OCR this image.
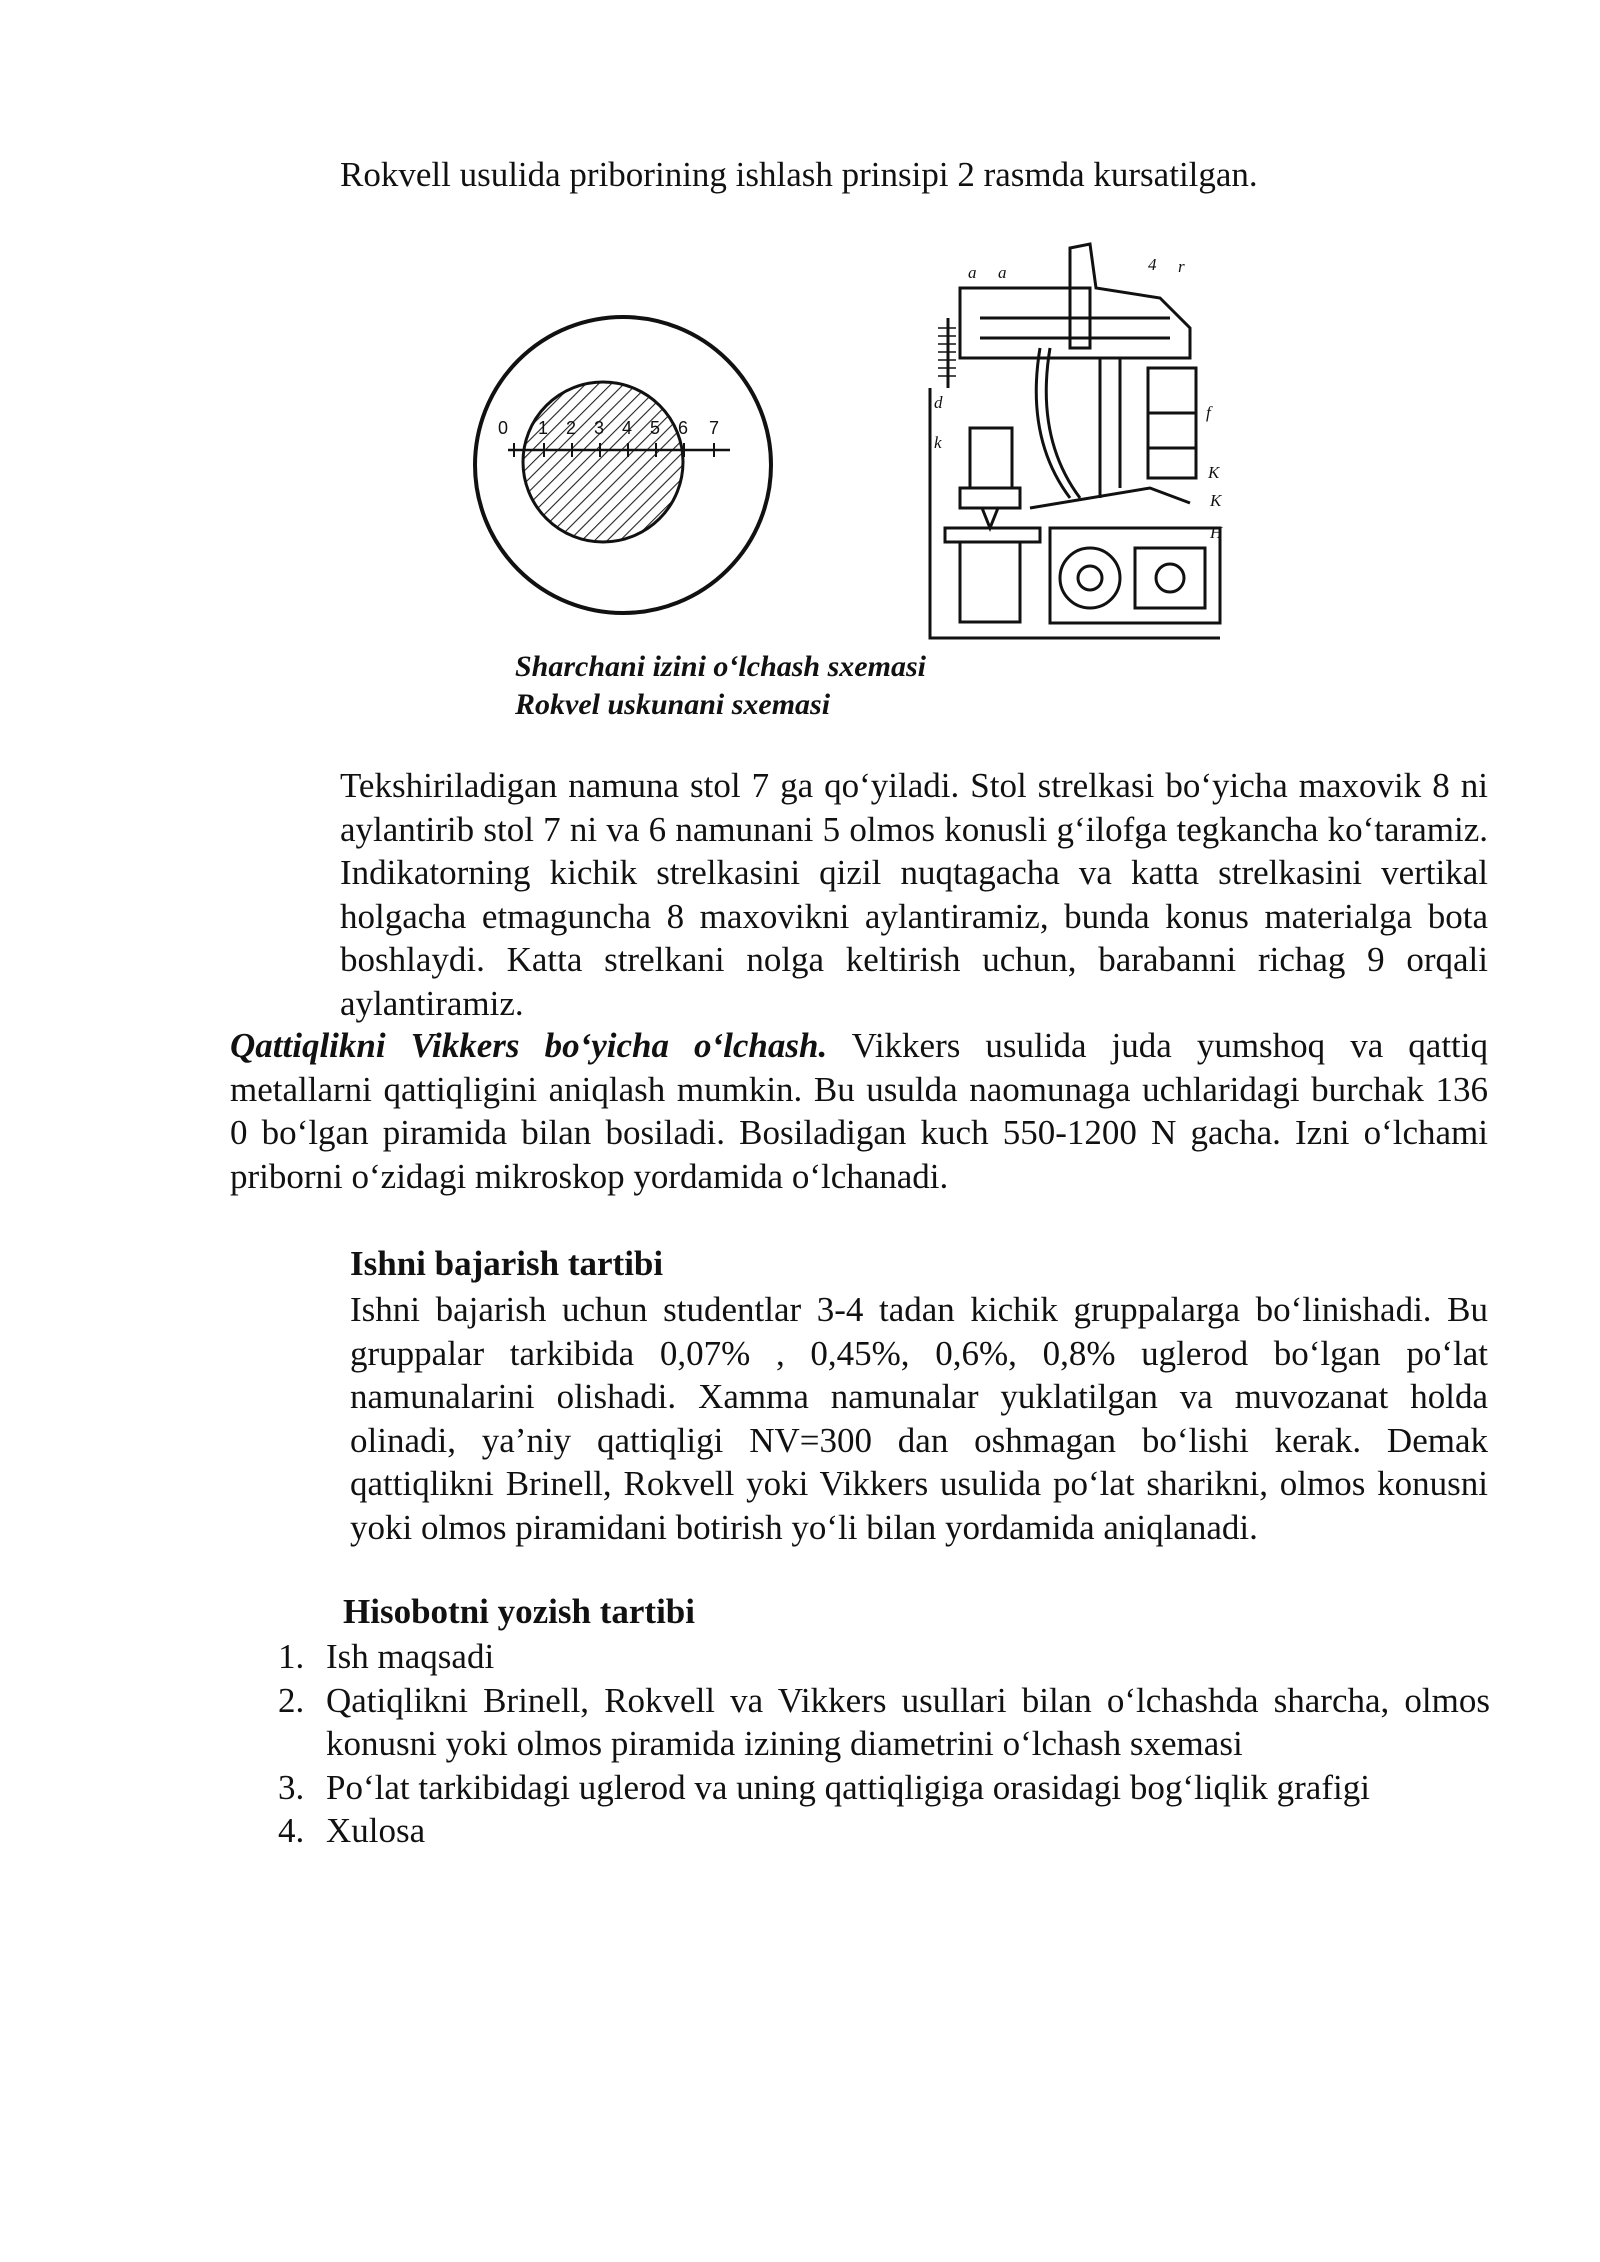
Rokvell usulida priborining ishlash prinsipi 2 rasmda kursatilgan.
0 1 2 3 4 5 6 7
a a	4 r
d
k
f
K
K
H
Sharchani izini o‘lchash sxemasi
Rokvel uskunani sxemasi
Tekshiriladigan namuna stol 7 ga qo‘yiladi. Stol strelkasi bo‘yicha maxovik 8 ni aylantirib stol 7 ni va 6 namunani 5 olmos konusli g‘ilofga tegkancha ko‘taramiz. Indikatorning kichik strelkasini qizil nuqtagacha va katta strelkasini vertikal holgacha etmaguncha 8 maxovikni aylantiramiz, bunda konus materialga bota boshlaydi. Katta strelkani nolga keltirish uchun, barabanni richag 9 orqali aylantiramiz.
Qattiqlikni Vikkers bo‘yicha o‘lchash. Vikkers usulida juda yumshoq va qattiq metallarni qattiqligini aniqlash mumkin. Bu usulda naomunaga uchlaridagi burchak 136 0 bo‘lgan piramida bilan bosiladi. Bosiladigan kuch 550-1200 N gacha. Izni o‘lchami priborni o‘zidagi mikroskop yordamida o‘lchanadi.
Ishni bajarish tartibi
Ishni bajarish uchun studentlar 3-4 tadan kichik gruppalarga bo‘linishadi. Bu gruppalar tarkibida 0,07% , 0,45%, 0,6%, 0,8% uglerod bo‘lgan po‘lat namunalarini olishadi. Xamma namunalar yuklatilgan va muvozanat holda olinadi, ya’niy qattiqligi NV=300 dan oshmagan bo‘lishi kerak. Demak qattiqlikni Brinell, Rokvell yoki Vikkers usulida po‘lat sharikni, olmos konusni yoki olmos piramidani botirish yo‘li bilan yordamida aniqlanadi.
Hisobotni yozish tartibi
1. Ish maqsadi
2. Qatiqlikni Brinell, Rokvell va Vikkers usullari bilan o‘lchashda sharcha, olmos konusni yoki olmos piramida izining diametrini o‘lchash sxemasi
3. Po‘lat tarkibidagi uglerod va uning qattiqligiga orasidagi bog‘liqlik grafigi
4. Xulosa
